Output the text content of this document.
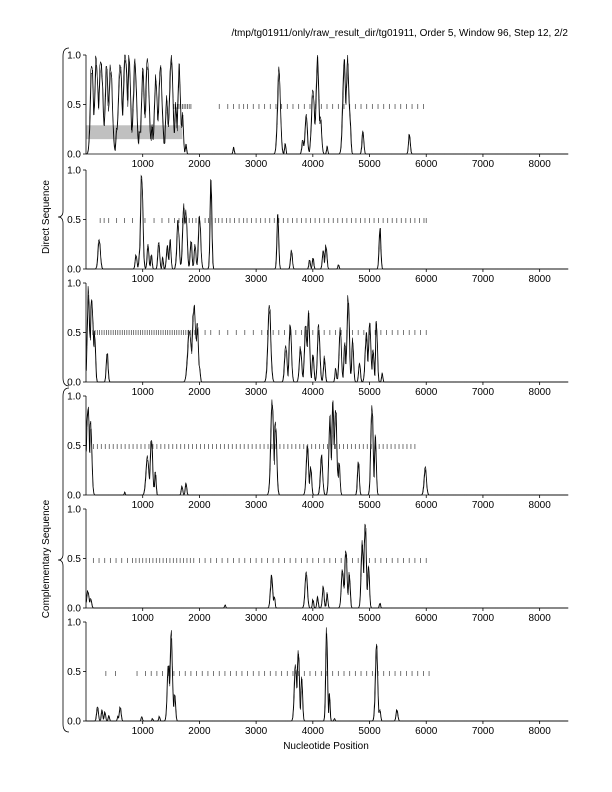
/tmp/tg01911/only/raw_result_dir/tg01911, Order 5, Window 96, Step 12, 2/2
0.0
0.5
1.0
1000	2000	3000	4000	5000	6000	7000	8000
0.0
0.5
1.0
1000	2000	3000	4000	5000	6000	7000	8000
0.0
0.5
1.0
1000	2000	3000	4000	5000	6000	7000	8000
0.0
0.5
1.0
1000	2000	3000	4000	5000	6000	7000	8000
0.0
0.5
1.0
1000	2000	3000	4000	5000	6000	7000	8000
0.0
0.5
1.0
1000	2000	3000	4000	5000	6000	7000	8000
Direct Sequence
Complementary Sequence
Nucleotide Position
